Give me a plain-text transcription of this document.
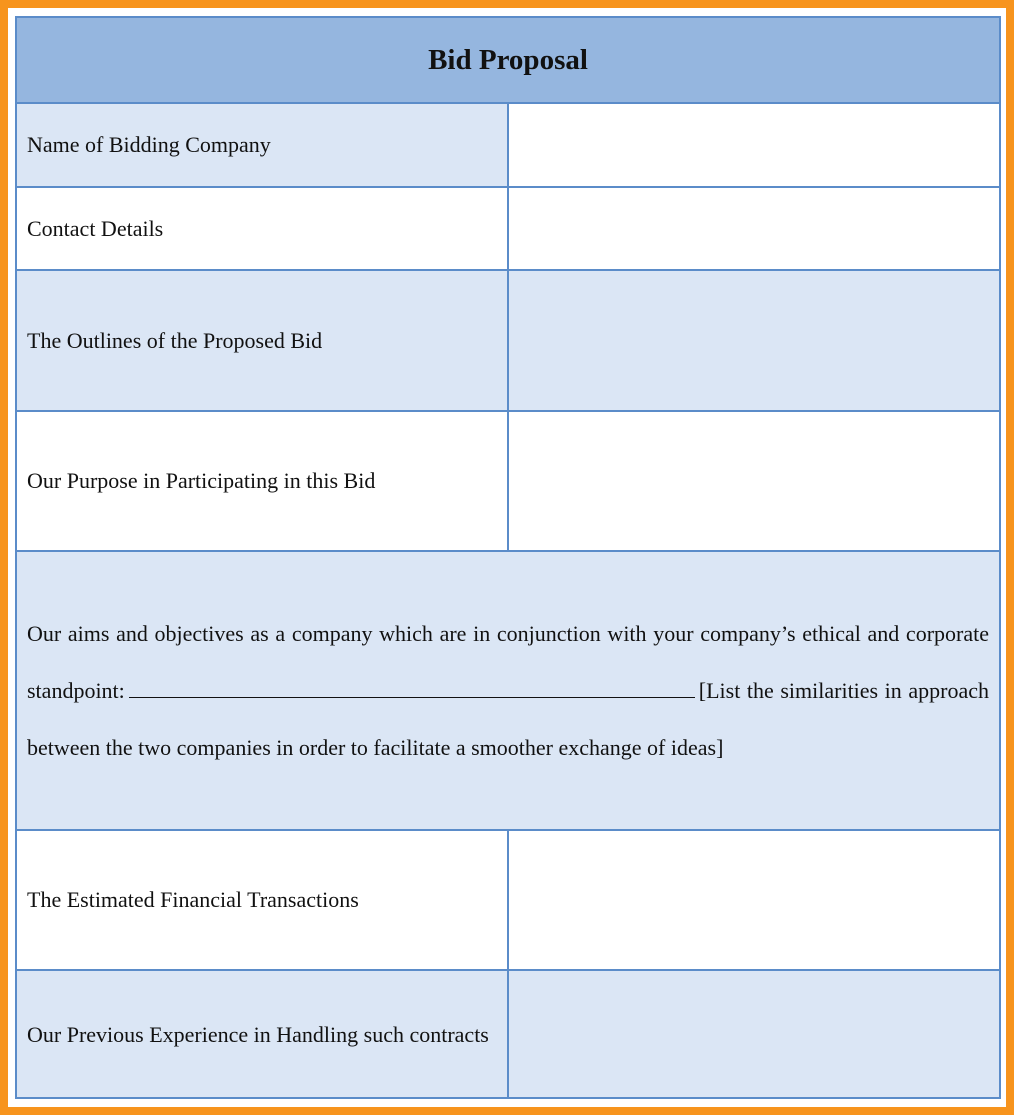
Bid Proposal	
Name of Bidding Company	
Contact Details	
The Outlines of the Proposed Bid	
Our Purpose in Participating in this Bid	
Our aims and objectives as a company which are in conjunction with your company’s ethical and corporate standpoint: [List the similarities in approach between the two companies in order to facilitate a smoother exchange of ideas]	
The Estimated Financial Transactions	
Our Previous Experience in Handling such contracts	
